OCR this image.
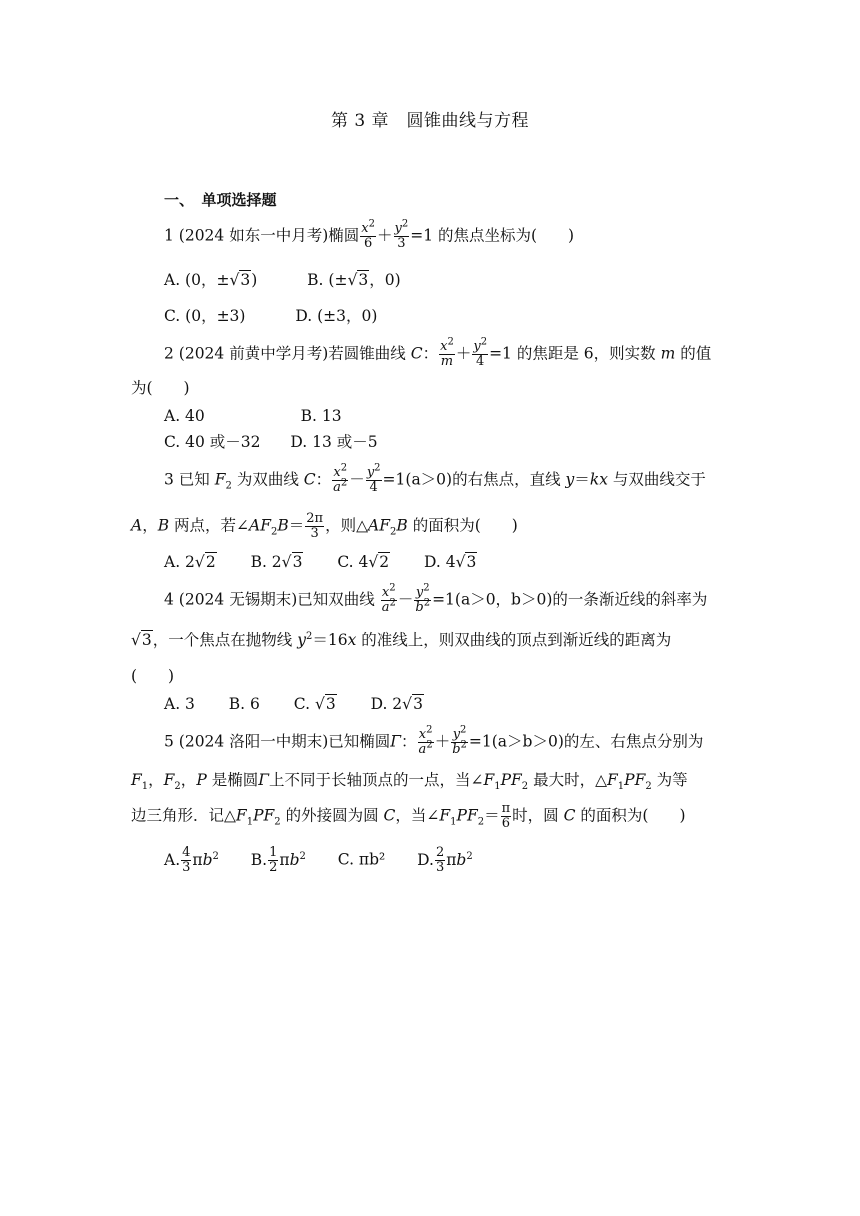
第 3 章　圆锥曲线与方程
一、　单项选择题
1 (2024 如东一中月考)椭圆 $\frac{x^2}{6} + \frac{y^2}{3} =1$ 的焦点坐标为(　　)
A. (0，±√3)	B. (±√3，0)
C. (0，±3)	D. (±3，0)
2 (2024 前黄中学月考)若圆锥曲线 C： $\frac{x^2}{m} + \frac{y^2}{4} =1$ 的焦距是 6，则实数 m 的值
为(　　)
A. 40	B. 13
C. 40 或－32 D. 13 或－5
3 已知 $F_2$ 为双曲线 C： $\frac{x^2}{a^2} - \frac{y^2}{4} =1(a>0)$的右焦点，直线 y＝kx 与双曲线交于
A，B 两点，若$\angle AF_2B= \frac{2\pi}{3}$ ，则$\triangle AF_2B$ 的面积为(　　)
A. 2√2 B. 2√3 C. 4√2 D. 4√3
4 (2024 无锡期末)已知双曲线 $\frac{x^2}{a^2} - \frac{y^2}{b^2} =1(a>0$，b＞0)的一条渐近线的斜率为
√3，一个焦点在抛物线 $y^2=16x$ 的准线上，则双曲线的顶点到渐近线的距离为
(　　)
A. 3 B. 6 C. √3 D. 2√3
5 (2024 洛阳一中期末)已知椭圆Γ： $\frac{x^2}{a^2} + \frac{y^2}{b^2} =1(a>b>0)$的左、右焦点分别为
$F_1$，$F_2$，P 是椭圆Γ上不同于长轴顶点的一点，当$\angle F_1PF_2$ 最大时，$\triangle F_1PF_2$ 为等
边三角形．记$\triangle F_1PF_2$ 的外接圆为圆 C，当$\angle F_1PF_2= \frac{\pi}{6}$ 时，圆 C 的面积为(　　)
A. $\frac{4}{3} \pi b^2$ B. $\frac{1}{2} \pi b^2$ C. πb² D. $\frac{2}{3} \pi b^2$
